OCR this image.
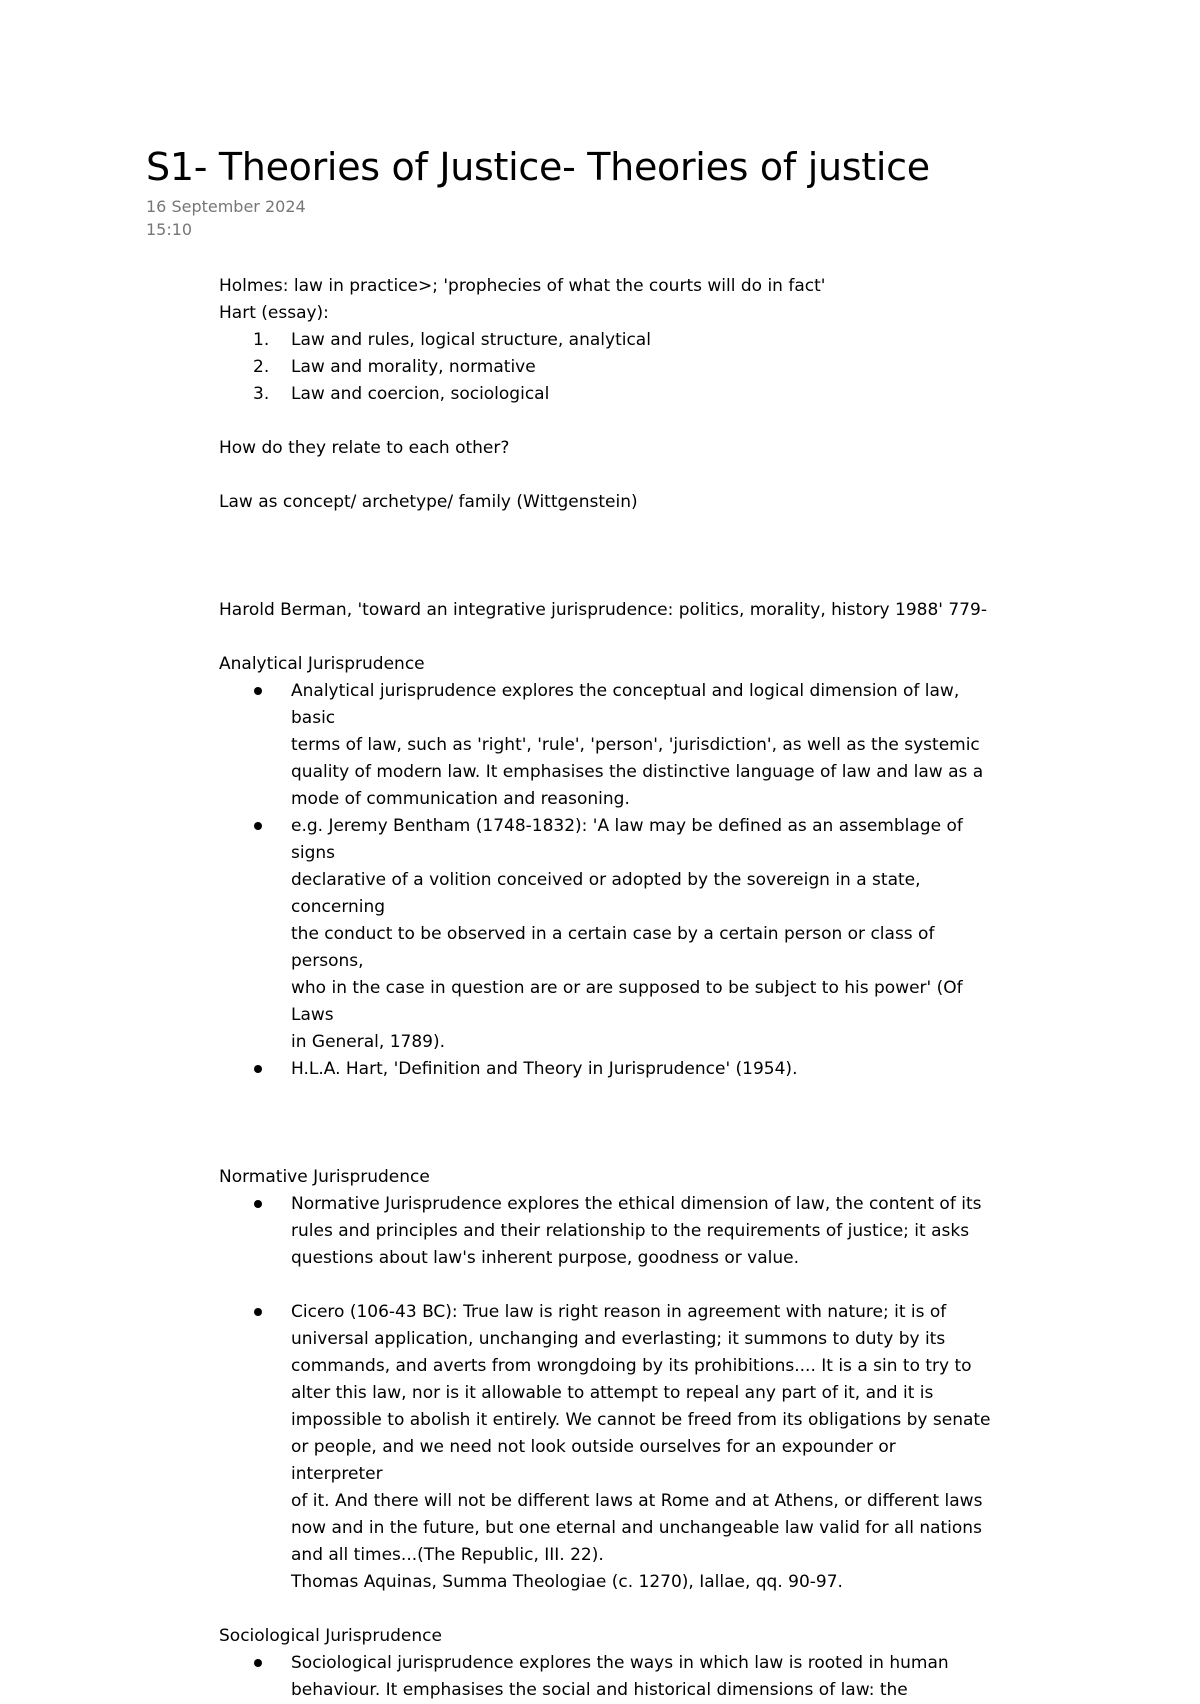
S1- Theories of Justice- Theories of justice
16 September 2024
15:10
Holmes: law in practice>; 'prophecies of what the courts will do in fact'
Hart (essay):
1. Law and rules, logical structure, analytical
2. Law and morality, normative
3. Law and coercion, sociological
How do they relate to each other?
Law as concept/ archetype/ family (Wittgenstein)
Harold Berman, 'toward an integrative jurisprudence: politics, morality, history 1988' 779-
Analytical Jurisprudence
Analytical jurisprudence explores the conceptual and logical dimension of law, basic
terms of law, such as 'right', 'rule', 'person', 'jurisdiction', as well as the systemic
quality of modern law. It emphasises the distinctive language of law and law as a
mode of communication and reasoning.
e.g. Jeremy Bentham (1748-1832): 'A law may be defined as an assemblage of signs
declarative of a volition conceived or adopted by the sovereign in a state, concerning
the conduct to be observed in a certain case by a certain person or class of persons,
who in the case in question are or are supposed to be subject to his power' (Of Laws
in General, 1789).
H.L.A. Hart, 'Definition and Theory in Jurisprudence' (1954).
Normative Jurisprudence
Normative Jurisprudence explores the ethical dimension of law, the content of its
rules and principles and their relationship to the requirements of justice; it asks
questions about law's inherent purpose, goodness or value.
Cicero (106-43 BC): True law is right reason in agreement with nature; it is of
universal application, unchanging and everlasting; it summons to duty by its
commands, and averts from wrongdoing by its prohibitions.... It is a sin to try to
alter this law, nor is it allowable to attempt to repeal any part of it, and it is
impossible to abolish it entirely. We cannot be freed from its obligations by senate
or people, and we need not look outside ourselves for an expounder or interpreter
of it. And there will not be different laws at Rome and at Athens, or different laws
now and in the future, but one eternal and unchangeable law valid for all nations
and all times...(The Republic, III. 22).
Thomas Aquinas, Summa Theologiae (c. 1270), Iallae, qq. 90-97.
Sociological Jurisprudence
Sociological jurisprudence explores the ways in which law is rooted in human
behaviour. It emphasises the social and historical dimensions of law: the
